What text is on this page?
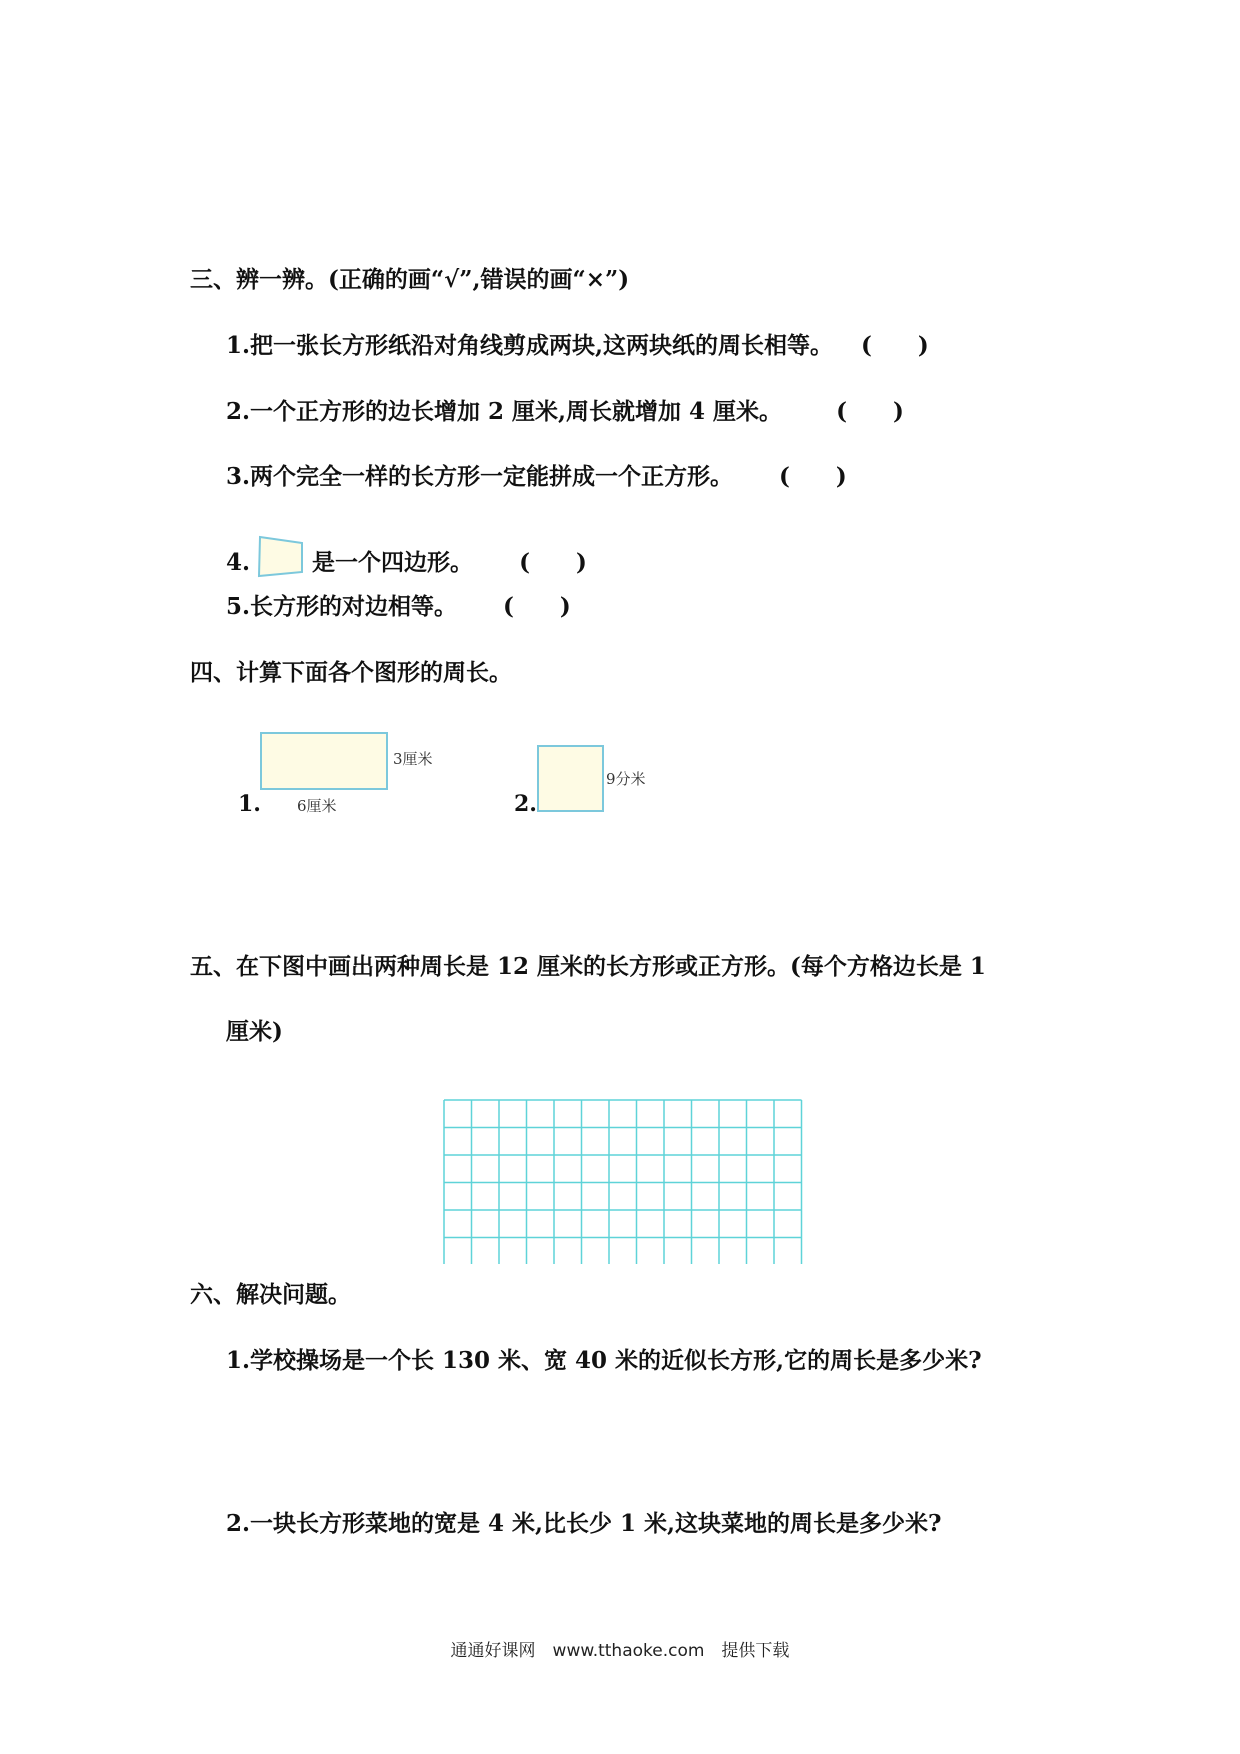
三、辨一辨。(正确的画“√”,错误的画“×”)
1.把一张长方形纸沿对角线剪成两块,这两块纸的周长相等。 (　　)
2.一个正方形的边长增加 2 厘米,周长就增加 4 厘米。 (　　)
3.两个完全一样的长方形一定能拼成一个正方形。 (　　)
4.	是一个四边形。 (　　)
5.长方形的对边相等。 (　　)
四、计算下面各个图形的周长。
1.
3厘米
6厘米	2.
9分米
五、在下图中画出两种周长是 12 厘米的长方形或正方形。(每个方格边长是 1
厘米)
六、解决问题。
1.学校操场是一个长 130 米、宽 40 米的近似长方形,它的周长是多少米?
2.一块长方形菜地的宽是 4 米,比长少 1 米,这块菜地的周长是多少米?
通通好课网　www.tthaoke.com　提供下载
